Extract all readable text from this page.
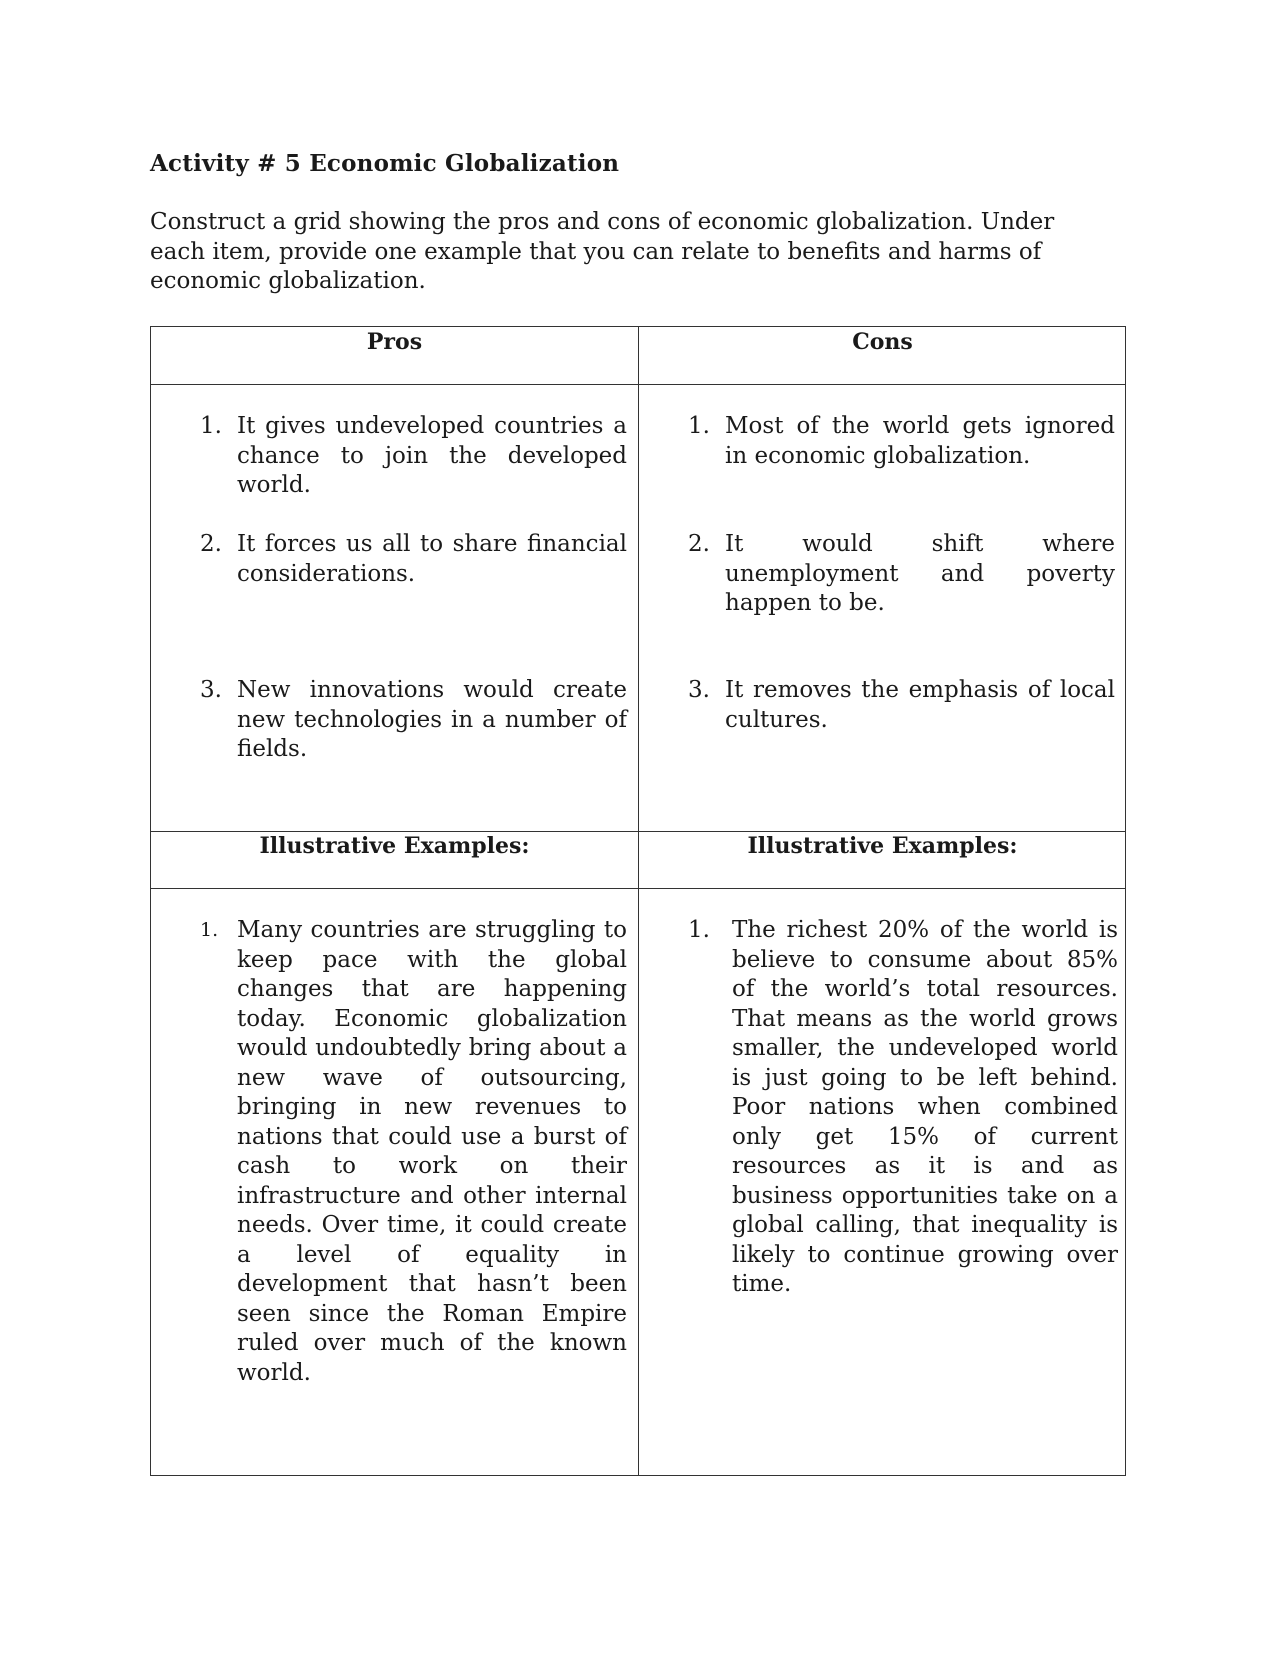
Activity # 5 Economic Globalization
Construct a grid showing the pros and cons of economic globalization. Under each item, provide one example that you can relate to benefits and harms of economic globalization.
Pros	Cons
1. It gives undeveloped countries a chance to join the developed world.
2. It forces us all to share financial considerations.
3. New innovations would create new technologies in a number of fields.
1. Most of the world gets ignored in economic globalization.
2. It would shift where unemployment and poverty happen to be.
3. It removes the emphasis of local cultures.
Illustrative Examples:	Illustrative Examples:
1. Many countries are struggling to keep pace with the global changes that are happening today. Economic globalization would undoubtedly bring about a new wave of outsourcing, bringing in new revenues to nations that could use a burst of cash to work on their infrastructure and other internal needs. Over time, it could create a level of equality in development that hasn’t been seen since the Roman Empire ruled over much of the known world.
1. The richest 20% of the world is believe to consume about 85% of the world’s total resources. That means as the world grows smaller, the undeveloped world is just going to be left behind. Poor nations when combined only get 15% of current resources as it is and as business opportunities take on a global calling, that inequality is likely to continue growing over time.
